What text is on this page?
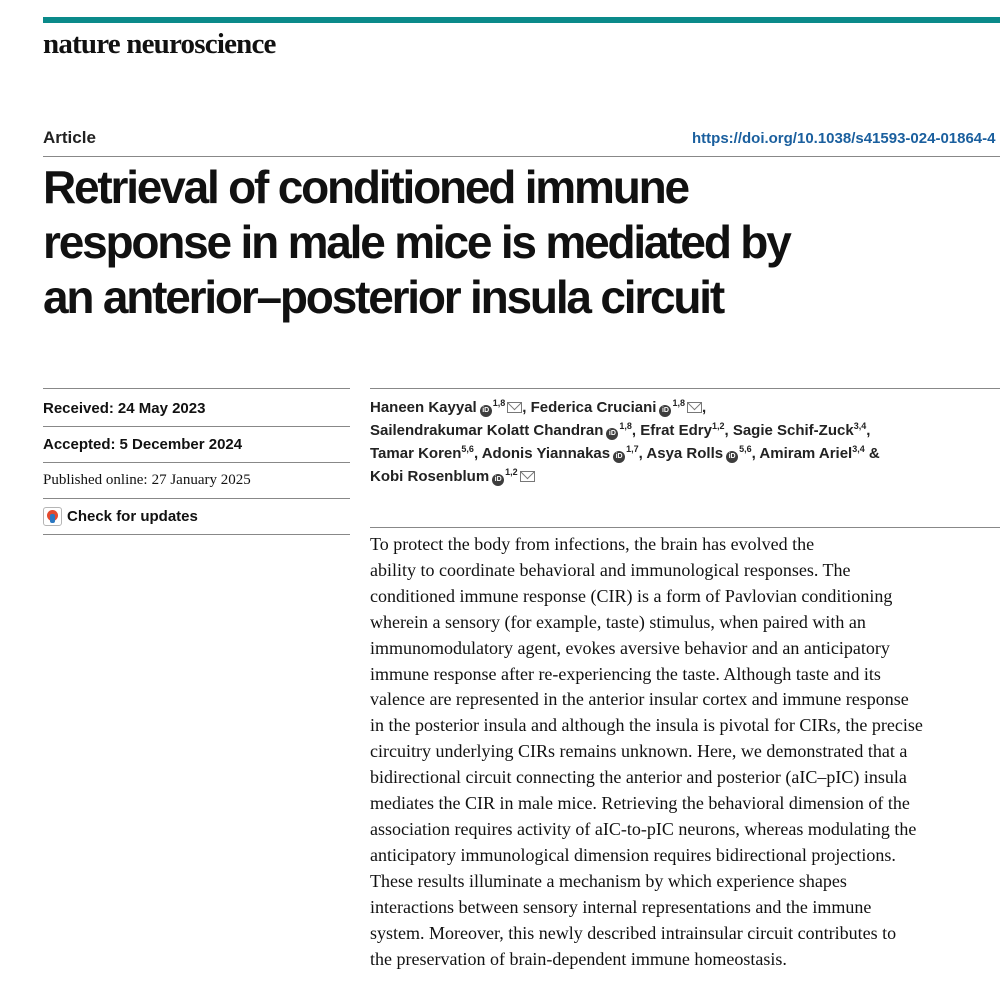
nature neuroscience
Article	https://doi.org/10.1038/s41593-024-01864-4
Retrieval of conditioned immune
response in male mice is mediated by
an anterior–posterior insula circuit
Received: 24 May 2023
Accepted: 5 December 2024
Published online: 27 January 2025
Check for updates
Haneen Kayyal iD$^{1,8}$ , Federica Cruciani iD$^{1,8}$ ,
Sailendrakumar Kolatt Chandran iD$^{1,8}$, Efrat Edry$^{1,2}$, Sagie Schif-Zuck$^{3,4}$,
Tamar Koren$^{5,6}$, Adonis Yiannakas iD$^{1,7}$, Asya Rolls iD$^{5,6}$, Amiram Ariel$^{3,4}$ &
Kobi Rosenblum iD$^{1,2}$
To protect the body from infections, the brain has evolved the
ability to coordinate behavioral and immunological responses. The
conditioned immune response (CIR) is a form of Pavlovian conditioning
wherein a sensory (for example, taste) stimulus, when paired with an
immunomodulatory agent, evokes aversive behavior and an anticipatory
immune response after re-experiencing the taste. Although taste and its
valence are represented in the anterior insular cortex and immune response
in the posterior insula and although the insula is pivotal for CIRs, the precise
circuitry underlying CIRs remains unknown. Here, we demonstrated that a
bidirectional circuit connecting the anterior and posterior (aIC–pIC) insula
mediates the CIR in male mice. Retrieving the behavioral dimension of the
association requires activity of aIC-to-pIC neurons, whereas modulating the
anticipatory immunological dimension requires bidirectional projections.
These results illuminate a mechanism by which experience shapes
interactions between sensory internal representations and the immune
system. Moreover, this newly described intrainsular circuit contributes to
the preservation of brain-dependent immune homeostasis.
